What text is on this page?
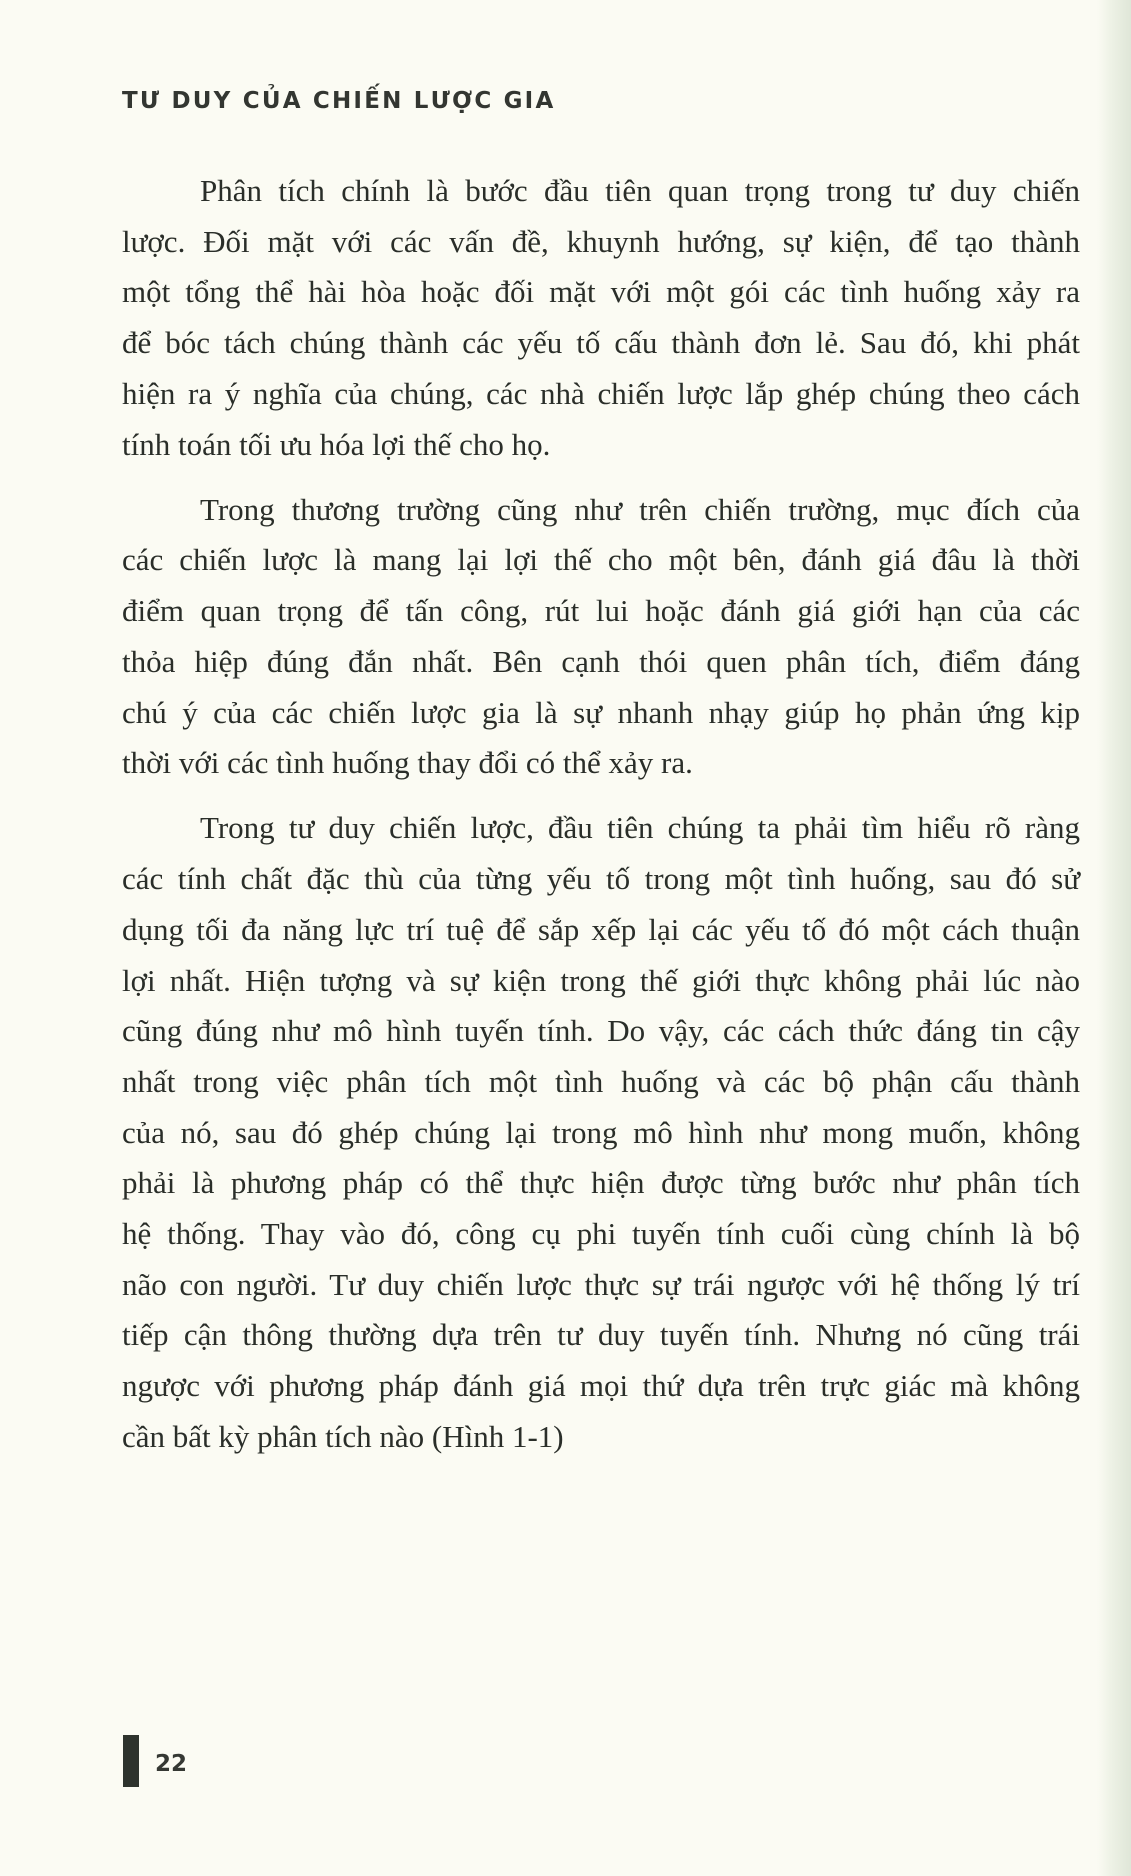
TƯ DUY CỦA CHIẾN LƯỢC GIA
Phân tích chính là bước đầu tiên quan trọng trong tư duy chiến
lược. Đối mặt với các vấn đề, khuynh hướng, sự kiện, để tạo thành
một tổng thể hài hòa hoặc đối mặt với một gói các tình huống xảy ra
để bóc tách chúng thành các yếu tố cấu thành đơn lẻ. Sau đó, khi phát
hiện ra ý nghĩa của chúng, các nhà chiến lược lắp ghép chúng theo cách
tính toán tối ưu hóa lợi thế cho họ.
Trong thương trường cũng như trên chiến trường, mục đích của
các chiến lược là mang lại lợi thế cho một bên, đánh giá đâu là thời
điểm quan trọng để tấn công, rút lui hoặc đánh giá giới hạn của các
thỏa hiệp đúng đắn nhất. Bên cạnh thói quen phân tích, điểm đáng
chú ý của các chiến lược gia là sự nhanh nhạy giúp họ phản ứng kịp
thời với các tình huống thay đổi có thể xảy ra.
Trong tư duy chiến lược, đầu tiên chúng ta phải tìm hiểu rõ ràng
các tính chất đặc thù của từng yếu tố trong một tình huống, sau đó sử
dụng tối đa năng lực trí tuệ để sắp xếp lại các yếu tố đó một cách thuận
lợi nhất. Hiện tượng và sự kiện trong thế giới thực không phải lúc nào
cũng đúng như mô hình tuyến tính. Do vậy, các cách thức đáng tin cậy
nhất trong việc phân tích một tình huống và các bộ phận cấu thành
của nó, sau đó ghép chúng lại trong mô hình như mong muốn, không
phải là phương pháp có thể thực hiện được từng bước như phân tích
hệ thống. Thay vào đó, công cụ phi tuyến tính cuối cùng chính là bộ
não con người. Tư duy chiến lược thực sự trái ngược với hệ thống lý trí
tiếp cận thông thường dựa trên tư duy tuyến tính. Nhưng nó cũng trái
ngược với phương pháp đánh giá mọi thứ dựa trên trực giác mà không
cần bất kỳ phân tích nào (Hình 1-1)
22
